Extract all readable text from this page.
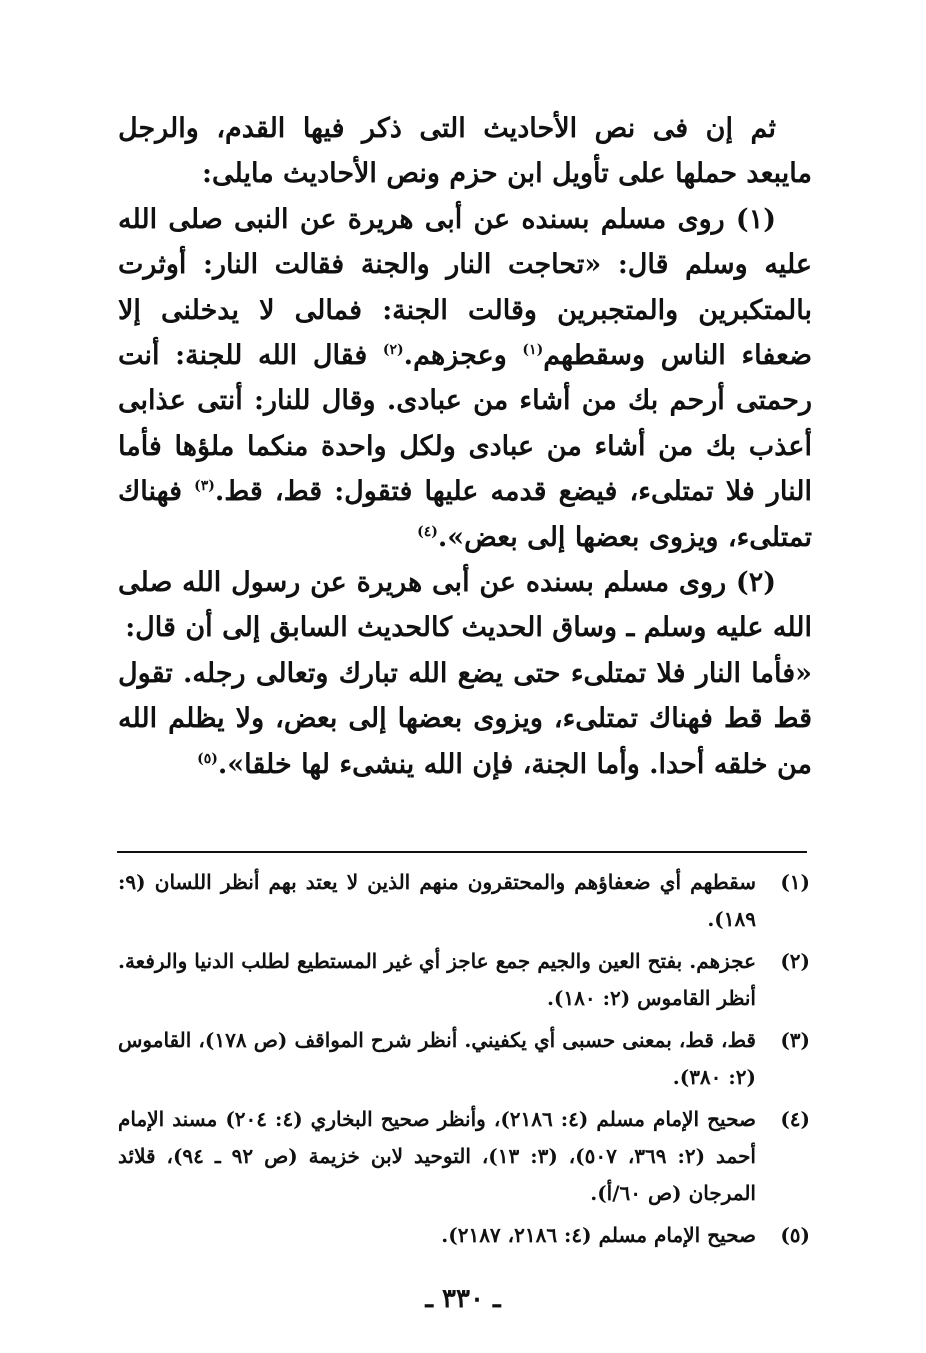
ثم إن فى نص الأحاديث التى ذكر فيها القدم، والرجل مايبعد حملها على تأويل ابن حزم ونص الأحاديث مايلى:

(١) روى مسلم بسنده عن أبى هريرة عن النبى صلى الله عليه وسلم قال: «تحاجت النار والجنة فقالت النار: أوثرت بالمتكبرين والمتجبرين وقالت الجنة: فمالى لا يدخلنى إلا ضعفاء الناس وسقطهم$^{(١)}$ وعجزهم.$^{(٢)}$ فقال الله للجنة: أنت رحمتى أرحم بك من أشاء من عبادى. وقال للنار: أنتى عذابى أعذب بك من أشاء من عبادى ولكل واحدة منكما ملؤها فأما النار فلا تمتلىء، فيضع قدمه عليها فتقول: قط، قط.$^{(٣)}$ فهناك تمتلىء، ويزوى بعضها إلى بعض».$^{(٤)}$

(٢) روى مسلم بسنده عن أبى هريرة عن رسول الله صلى الله عليه وسلم ـ وساق الحديث كالحديث السابق إلى أن قال:

«فأما النار فلا تمتلىء حتى يضع الله تبارك وتعالى رجله. تقول قط قط فهناك تمتلىء، ويزوى بعضها إلى بعض، ولا يظلم الله من خلقه أحدا. وأما الجنة، فإن الله ينشىء لها خلقا».$^{(٥)}$

(١)
سقطهم أي ضعفاؤهم والمحتقرون منهم الذين لا يعتد بهم أنظر اللسان (٩: ١٨٩).
(٢)
عجزهم. بفتح العين والجيم جمع عاجز أي غير المستطيع لطلب الدنيا والرفعة. أنظر القاموس (٢: ١٨٠).
(٣)
قط، قط، بمعنى حسبى أي يكفيني. أنظر شرح المواقف (ص ١٧٨)، القاموس (٢: ٣٨٠).
(٤)
صحيح الإمام مسلم (٤: ٢١٨٦)، وأنظر صحيح البخاري (٤: ٢٠٤) مسند الإمام أحمد (٢: ٣٦٩، ٥٠٧)، (٣: ١٣)، التوحيد لابن خزيمة (ص ٩٢ ـ ٩٤)، قلائد المرجان (ص ٦٠/أ).
(٥)
صحيح الإمام مسلم (٤: ٢١٨٦، ٢١٨٧).
ـ ٣٣٠ ـ
